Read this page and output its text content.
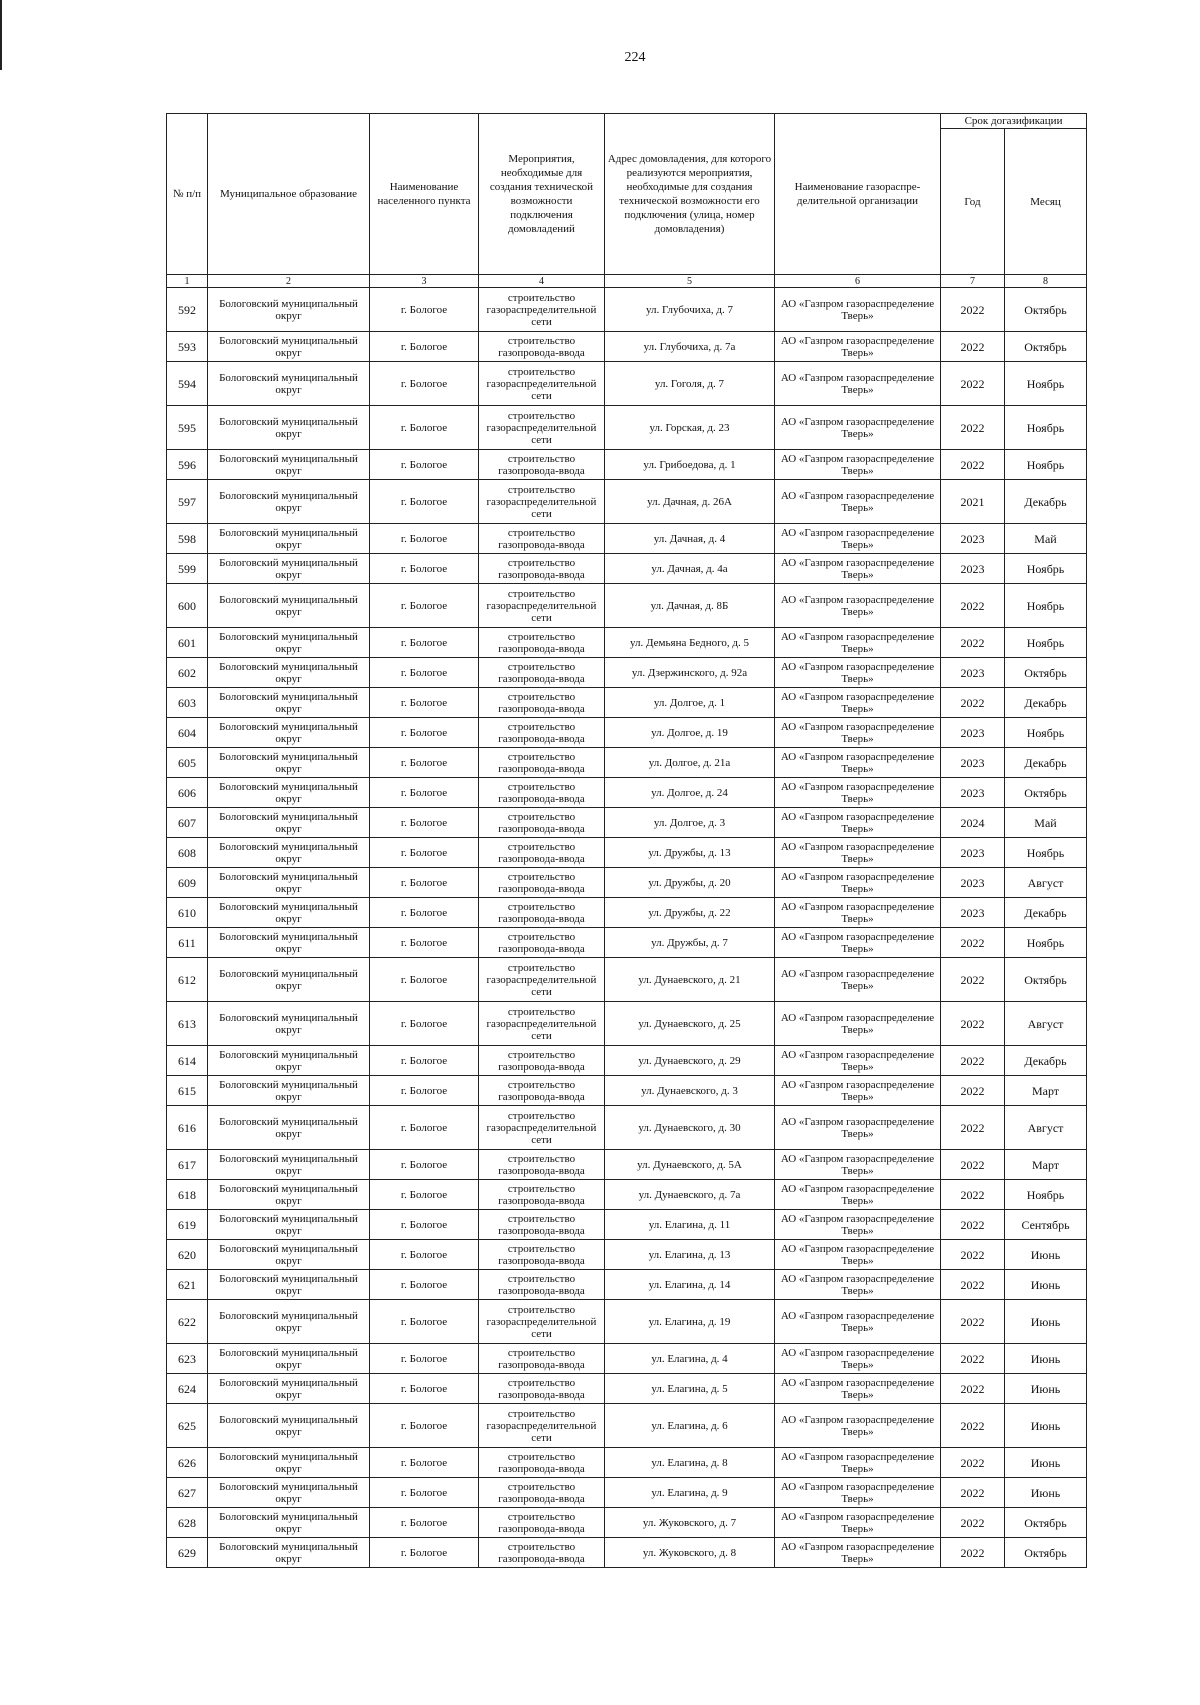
224
№ п/п	Муниципальное образование	Наименование населенного пункта	Мероприятия, необходимые для создания технической возможности подключения домовладений	Адрес домовладения, для которого реализуются мероприятия, необходимые для создания технической возможности его подключения (улица, номер домовладения)	Наименование газораспре-делительной организации	Срок догазификации	
						Год	Месяц
1	2	3	4	5	6	7	8
592	Бологовский муниципальный округ	г. Бологое	строительство газораспределительной сети	ул. Глубочиха, д. 7	АО «Газпром газораспределение Тверь»	2022	Октябрь
593	Бологовский муниципальный округ	г. Бологое	строительство газопровода-ввода	ул. Глубочиха, д. 7а	АО «Газпром газораспределение Тверь»	2022	Октябрь
594	Бологовский муниципальный округ	г. Бологое	строительство газораспределительной сети	ул. Гоголя, д. 7	АО «Газпром газораспределение Тверь»	2022	Ноябрь
595	Бологовский муниципальный округ	г. Бологое	строительство газораспределительной сети	ул. Горская, д. 23	АО «Газпром газораспределение Тверь»	2022	Ноябрь
596	Бологовский муниципальный округ	г. Бологое	строительство газопровода-ввода	ул. Грибоедова, д. 1	АО «Газпром газораспределение Тверь»	2022	Ноябрь
597	Бологовский муниципальный округ	г. Бологое	строительство газораспределительной сети	ул. Дачная, д. 26А	АО «Газпром газораспределение Тверь»	2021	Декабрь
598	Бологовский муниципальный округ	г. Бологое	строительство газопровода-ввода	ул. Дачная, д. 4	АО «Газпром газораспределение Тверь»	2023	Май
599	Бологовский муниципальный округ	г. Бологое	строительство газопровода-ввода	ул. Дачная, д. 4а	АО «Газпром газораспределение Тверь»	2023	Ноябрь
600	Бологовский муниципальный округ	г. Бологое	строительство газораспределительной сети	ул. Дачная, д. 8Б	АО «Газпром газораспределение Тверь»	2022	Ноябрь
601	Бологовский муниципальный округ	г. Бологое	строительство газопровода-ввода	ул. Демьяна Бедного, д. 5	АО «Газпром газораспределение Тверь»	2022	Ноябрь
602	Бологовский муниципальный округ	г. Бологое	строительство газопровода-ввода	ул. Дзержинского, д. 92а	АО «Газпром газораспределение Тверь»	2023	Октябрь
603	Бологовский муниципальный округ	г. Бологое	строительство газопровода-ввода	ул. Долгое, д. 1	АО «Газпром газораспределение Тверь»	2022	Декабрь
604	Бологовский муниципальный округ	г. Бологое	строительство газопровода-ввода	ул. Долгое, д. 19	АО «Газпром газораспределение Тверь»	2023	Ноябрь
605	Бологовский муниципальный округ	г. Бологое	строительство газопровода-ввода	ул. Долгое, д. 21а	АО «Газпром газораспределение Тверь»	2023	Декабрь
606	Бологовский муниципальный округ	г. Бологое	строительство газопровода-ввода	ул. Долгое, д. 24	АО «Газпром газораспределение Тверь»	2023	Октябрь
607	Бологовский муниципальный округ	г. Бологое	строительство газопровода-ввода	ул. Долгое, д. 3	АО «Газпром газораспределение Тверь»	2024	Май
608	Бологовский муниципальный округ	г. Бологое	строительство газопровода-ввода	ул. Дружбы, д. 13	АО «Газпром газораспределение Тверь»	2023	Ноябрь
609	Бологовский муниципальный округ	г. Бологое	строительство газопровода-ввода	ул. Дружбы, д. 20	АО «Газпром газораспределение Тверь»	2023	Август
610	Бологовский муниципальный округ	г. Бологое	строительство газопровода-ввода	ул. Дружбы, д. 22	АО «Газпром газораспределение Тверь»	2023	Декабрь
611	Бологовский муниципальный округ	г. Бологое	строительство газопровода-ввода	ул. Дружбы, д. 7	АО «Газпром газораспределение Тверь»	2022	Ноябрь
612	Бологовский муниципальный округ	г. Бологое	строительство газораспределительной сети	ул. Дунаевского, д. 21	АО «Газпром газораспределение Тверь»	2022	Октябрь
613	Бологовский муниципальный округ	г. Бологое	строительство газораспределительной сети	ул. Дунаевского, д. 25	АО «Газпром газораспределение Тверь»	2022	Август
614	Бологовский муниципальный округ	г. Бологое	строительство газопровода-ввода	ул. Дунаевского, д. 29	АО «Газпром газораспределение Тверь»	2022	Декабрь
615	Бологовский муниципальный округ	г. Бологое	строительство газопровода-ввода	ул. Дунаевского, д. 3	АО «Газпром газораспределение Тверь»	2022	Март
616	Бологовский муниципальный округ	г. Бологое	строительство газораспределительной сети	ул. Дунаевского, д. 30	АО «Газпром газораспределение Тверь»	2022	Август
617	Бологовский муниципальный округ	г. Бологое	строительство газопровода-ввода	ул. Дунаевского, д. 5А	АО «Газпром газораспределение Тверь»	2022	Март
618	Бологовский муниципальный округ	г. Бологое	строительство газопровода-ввода	ул. Дунаевского, д. 7а	АО «Газпром газораспределение Тверь»	2022	Ноябрь
619	Бологовский муниципальный округ	г. Бологое	строительство газопровода-ввода	ул. Елагина, д. 11	АО «Газпром газораспределение Тверь»	2022	Сентябрь
620	Бологовский муниципальный округ	г. Бологое	строительство газопровода-ввода	ул. Елагина, д. 13	АО «Газпром газораспределение Тверь»	2022	Июнь
621	Бологовский муниципальный округ	г. Бологое	строительство газопровода-ввода	ул. Елагина, д. 14	АО «Газпром газораспределение Тверь»	2022	Июнь
622	Бологовский муниципальный округ	г. Бологое	строительство газораспределительной сети	ул. Елагина, д. 19	АО «Газпром газораспределение Тверь»	2022	Июнь
623	Бологовский муниципальный округ	г. Бологое	строительство газопровода-ввода	ул. Елагина, д. 4	АО «Газпром газораспределение Тверь»	2022	Июнь
624	Бологовский муниципальный округ	г. Бологое	строительство газопровода-ввода	ул. Елагина, д. 5	АО «Газпром газораспределение Тверь»	2022	Июнь
625	Бологовский муниципальный округ	г. Бологое	строительство газораспределительной сети	ул. Елагина, д. 6	АО «Газпром газораспределение Тверь»	2022	Июнь
626	Бологовский муниципальный округ	г. Бологое	строительство газопровода-ввода	ул. Елагина, д. 8	АО «Газпром газораспределение Тверь»	2022	Июнь
627	Бологовский муниципальный округ	г. Бологое	строительство газопровода-ввода	ул. Елагина, д. 9	АО «Газпром газораспределение Тверь»	2022	Июнь
628	Бологовский муниципальный округ	г. Бологое	строительство газопровода-ввода	ул. Жуковского, д. 7	АО «Газпром газораспределение Тверь»	2022	Октябрь
629	Бологовский муниципальный округ	г. Бологое	строительство газопровода-ввода	ул. Жуковского, д. 8	АО «Газпром газораспределение Тверь»	2022	Октябрь
